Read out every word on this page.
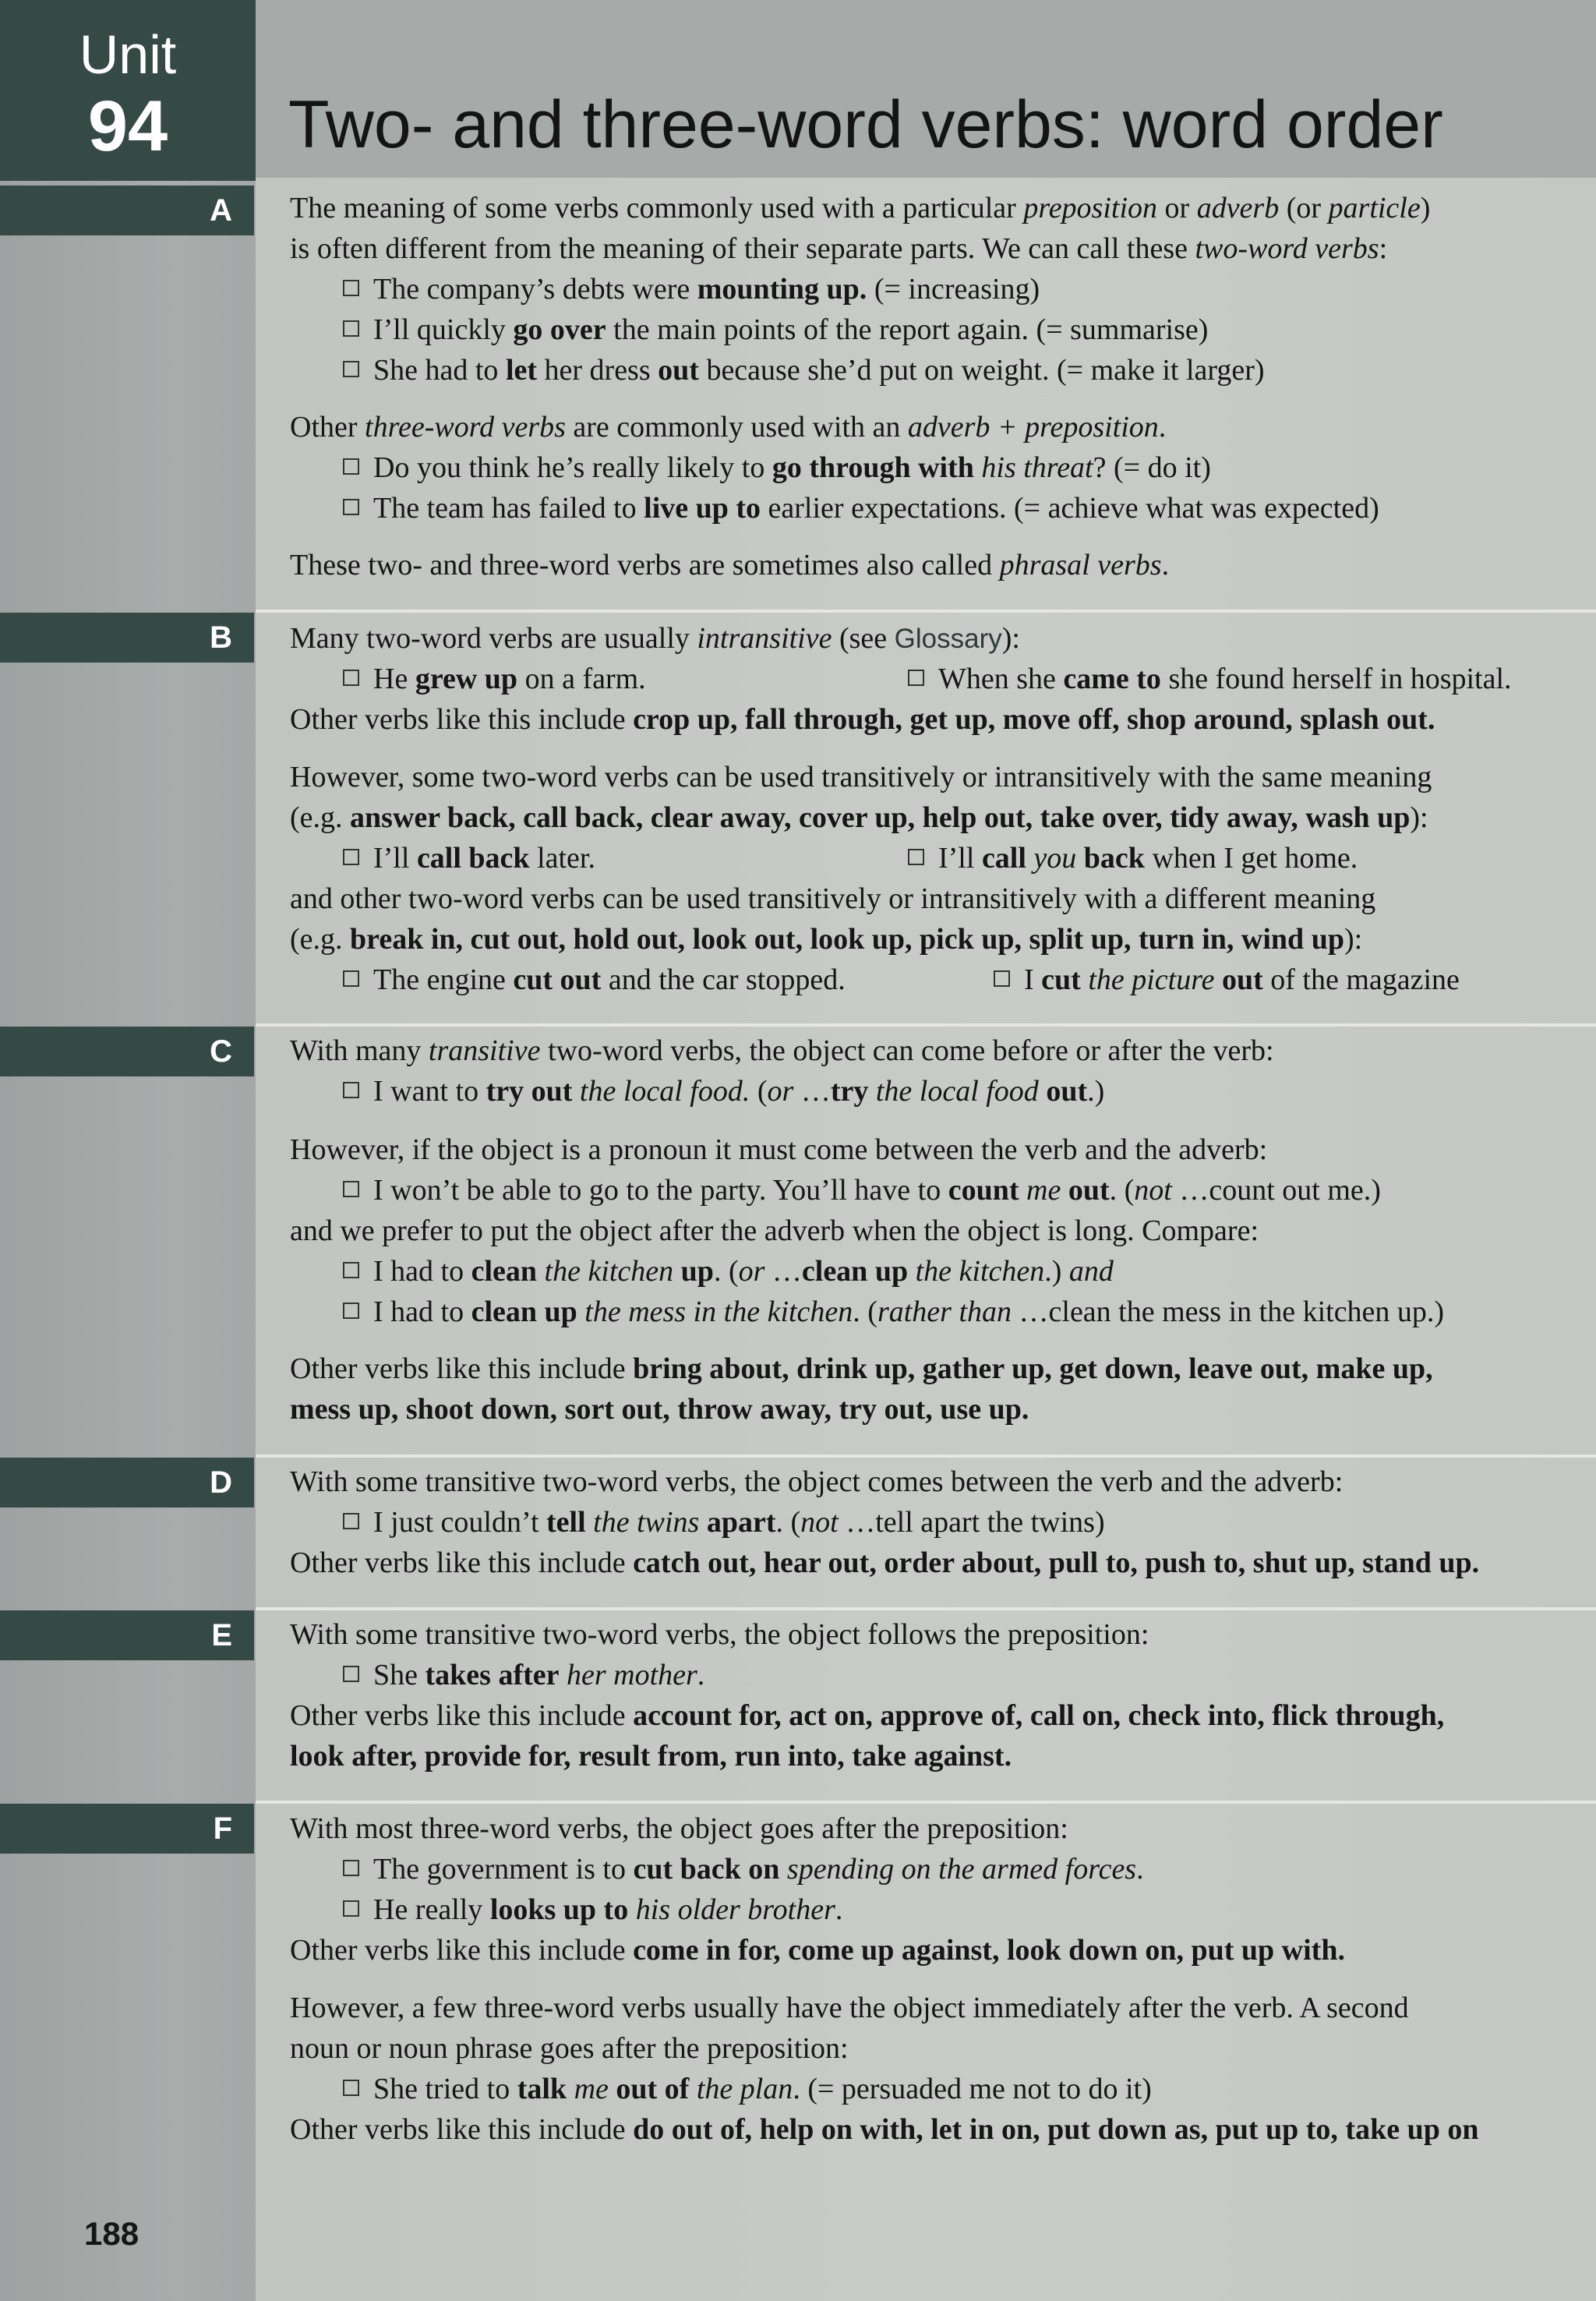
Unit
94	Two- and three-word verbs: word order
A	The meaning of some verbs commonly used with a particular preposition or adverb (or particle)
is often different from the meaning of their separate parts. We can call these two-word verbs:
The company’s debts were mounting up. (= increasing)
I’ll quickly go over the main points of the report again. (= summarise)
She had to let her dress out because she’d put on weight. (= make it larger)
Other three-word verbs are commonly used with an adverb + preposition.
Do you think he’s really likely to go through with his threat? (= do it)
The team has failed to live up to earlier expectations. (= achieve what was expected)
These two- and three-word verbs are sometimes also called phrasal verbs.
B	Many two-word verbs are usually intransitive (see Glossary):
He grew up on a farm.	When she came to she found herself in hospital.
Other verbs like this include crop up, fall through, get up, move off, shop around, splash out.
However, some two-word verbs can be used transitively or intransitively with the same meaning
(e.g. answer back, call back, clear away, cover up, help out, take over, tidy away, wash up):
I’ll call back later.	I’ll call you back when I get home.
and other two-word verbs can be used transitively or intransitively with a different meaning
(e.g. break in, cut out, hold out, look out, look up, pick up, split up, turn in, wind up):
The engine cut out and the car stopped.	I cut the picture out of the magazine
C	With many transitive two-word verbs, the object can come before or after the verb:
I want to try out the local food. (or …try the local food out.)
However, if the object is a pronoun it must come between the verb and the adverb:
I won’t be able to go to the party. You’ll have to count me out. (not …count out me.)
and we prefer to put the object after the adverb when the object is long. Compare:
I had to clean the kitchen up. (or …clean up the kitchen.) and
I had to clean up the mess in the kitchen. (rather than …clean the mess in the kitchen up.)
Other verbs like this include bring about, drink up, gather up, get down, leave out, make up,
mess up, shoot down, sort out, throw away, try out, use up.
D	With some transitive two-word verbs, the object comes between the verb and the adverb:
I just couldn’t tell the twins apart. (not …tell apart the twins)
Other verbs like this include catch out, hear out, order about, pull to, push to, shut up, stand up.
E	With some transitive two-word verbs, the object follows the preposition:
She takes after her mother.
Other verbs like this include account for, act on, approve of, call on, check into, flick through,
look after, provide for, result from, run into, take against.
F	With most three-word verbs, the object goes after the preposition:
The government is to cut back on spending on the armed forces.
He really looks up to his older brother.
Other verbs like this include come in for, come up against, look down on, put up with.
However, a few three-word verbs usually have the object immediately after the verb. A second
noun or noun phrase goes after the preposition:
She tried to talk me out of the plan. (= persuaded me not to do it)
Other verbs like this include do out of, help on with, let in on, put down as, put up to, take up on
188
